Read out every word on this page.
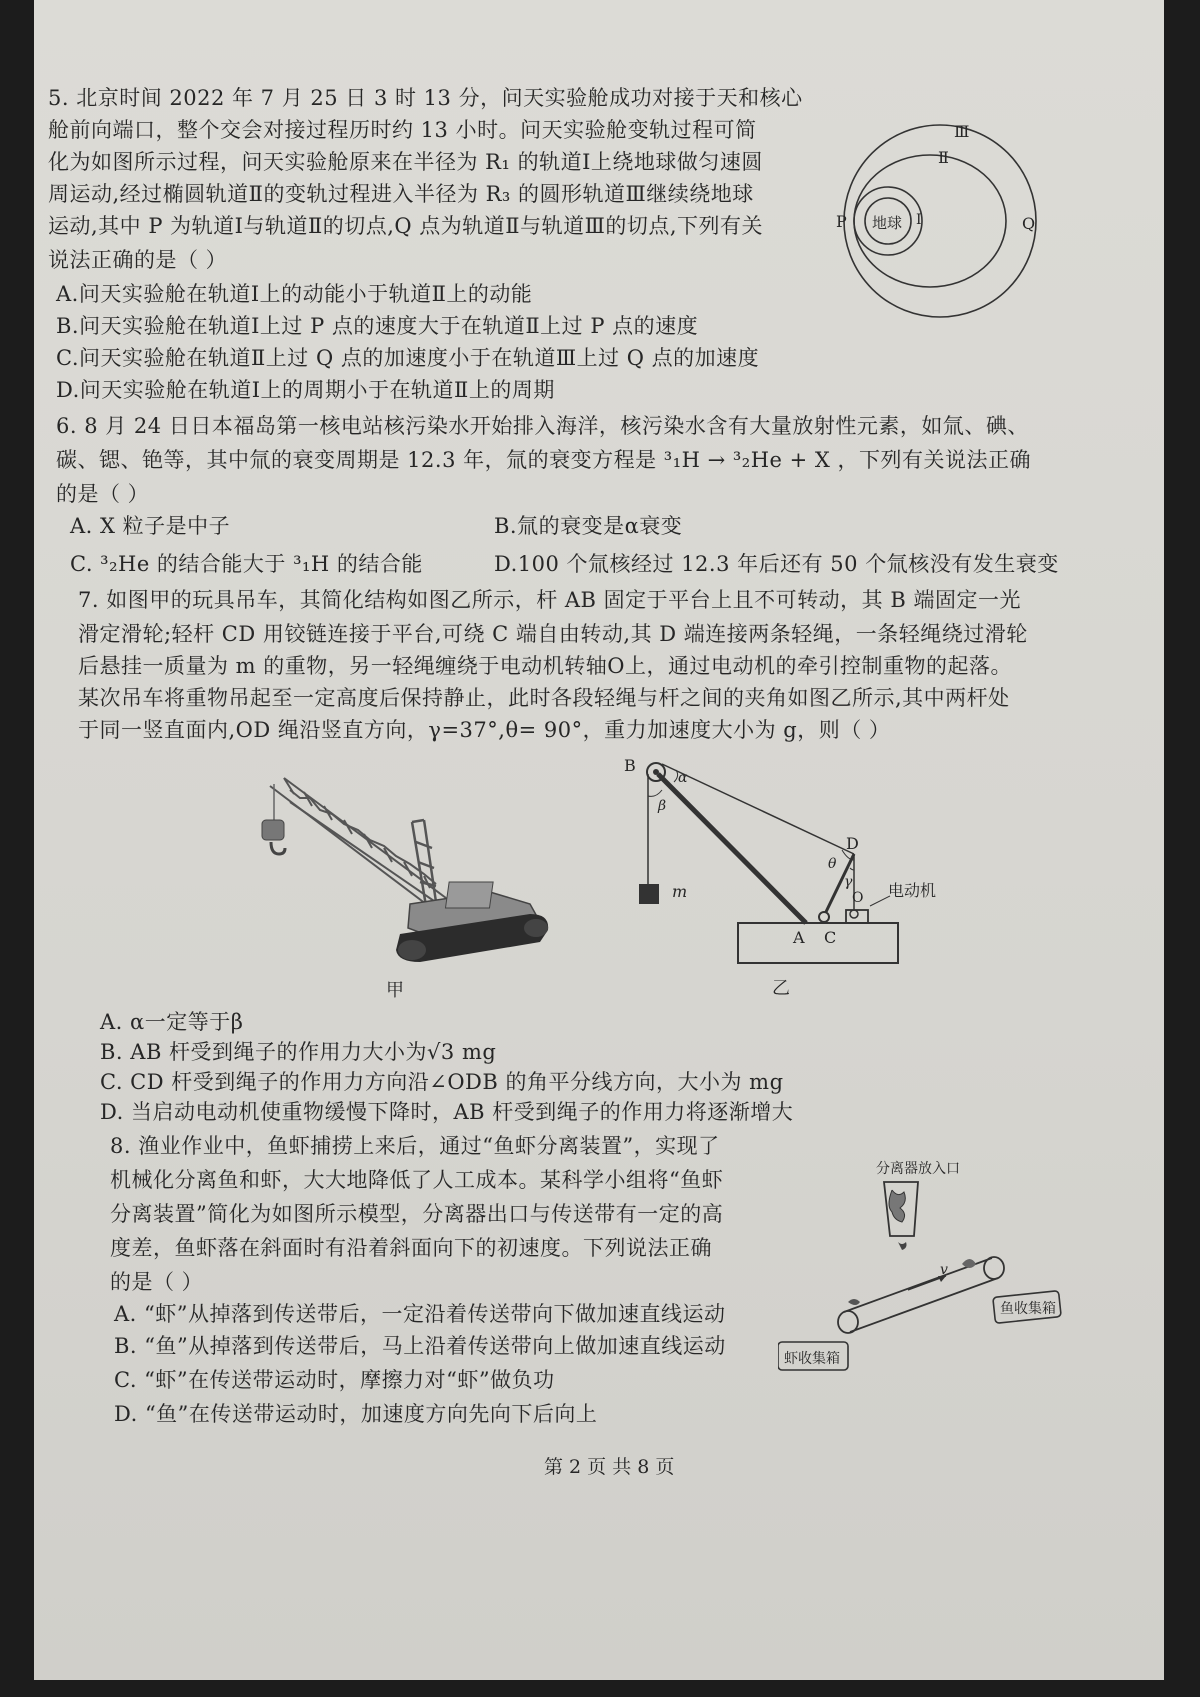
5. 北京时间 2022 年 7 月 25 日 3 时 13 分，问天实验舱成功对接于天和核心
舱前向端口，整个交会对接过程历时约 13 小时。问天实验舱变轨过程可简
化为如图所示过程，问天实验舱原来在半径为 R₁ 的轨道Ⅰ上绕地球做匀速圆
周运动,经过椭圆轨道Ⅱ的变轨过程进入半径为 R₃ 的圆形轨道Ⅲ继续绕地球
运动,其中 P 为轨道Ⅰ与轨道Ⅱ的切点,Q 点为轨道Ⅱ与轨道Ⅲ的切点,下列有关
说法正确的是（ ）
A.问天实验舱在轨道Ⅰ上的动能小于轨道Ⅱ上的动能
B.问天实验舱在轨道Ⅰ上过 P 点的速度大于在轨道Ⅱ上过 P 点的速度
C.问天实验舱在轨道Ⅱ上过 Q 点的加速度小于在轨道Ⅲ上过 Q 点的加速度
D.问天实验舱在轨道Ⅰ上的周期小于在轨道Ⅱ上的周期
地球 Ⅰ
Ⅱ
Ⅲ
P	Q
6. 8 月 24 日日本福岛第一核电站核污染水开始排入海洋，核污染水含有大量放射性元素，如氚、碘、
碳、锶、铯等，其中氚的衰变周期是 12.3 年，氚的衰变方程是 ³₁H → ³₂He + X ，下列有关说法正确
的是（ ）
A. X 粒子是中子	B.氚的衰变是α衰变
C. ³₂He 的结合能大于 ³₁H 的结合能	D.100 个氚核经过 12.3 年后还有 50 个氚核没有发生衰变
7. 如图甲的玩具吊车，其简化结构如图乙所示，杆 AB 固定于平台上且不可转动，其 B 端固定一光
滑定滑轮;轻杆 CD 用铰链连接于平台,可绕 C 端自由转动,其 D 端连接两条轻绳，一条轻绳绕过滑轮
后悬挂一质量为 m 的重物，另一轻绳缠绕于电动机转轴O上，通过电动机的牵引控制重物的起落。
某次吊车将重物吊起至一定高度后保持静止，此时各段轻绳与杆之间的夹角如图乙所示,其中两杆处
于同一竖直面内,OD 绳沿竖直方向，γ=37°,θ= 90°，重力加速度大小为 g，则（ ）
B
D
A C
O
m
α
β
θ
γ 电动机
甲	乙
A. α一定等于β
B. AB 杆受到绳子的作用力大小为√3 mg
C. CD 杆受到绳子的作用力方向沿∠ODB 的角平分线方向，大小为 mg
D. 当启动电动机使重物缓慢下降时，AB 杆受到绳子的作用力将逐渐增大
8. 渔业作业中，鱼虾捕捞上来后，通过“鱼虾分离装置”，实现了
机械化分离鱼和虾，大大地降低了人工成本。某科学小组将“鱼虾
分离装置”简化为如图所示模型，分离器出口与传送带有一定的高
度差，鱼虾落在斜面时有沿着斜面向下的初速度。下列说法正确
的是（ ）
A. “虾”从掉落到传送带后，一定沿着传送带向下做加速直线运动
B. “鱼”从掉落到传送带后，马上沿着传送带向上做加速直线运动
C. “虾”在传送带运动时，摩擦力对“虾”做负功
D. “鱼”在传送带运动时，加速度方向先向下后向上
分离器放入口
鱼收集箱
虾收集箱
v
第 2 页 共 8 页
